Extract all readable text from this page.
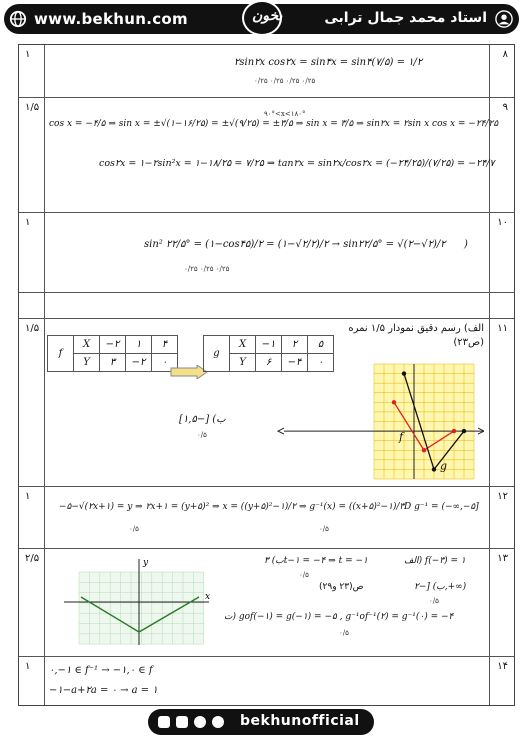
www.bekhun.com	استاد محمد جمال ترابی
بخون
۸
۱
۲sin۲x cos۲x = sin۴x = sin۴(۷/۵) = ۱/۲
۰/۲۵ ۰/۲۵ ۰/۲۵ ۰/۲۵
۹
۱/۵
۹۰°<x<۱۸۰°
cos x = −۴/۵ ⇒ sin x = ±√(۱−۱۶/۲۵) = ±√(۹/۲۵) = ±۳/۵ ⇒ sin x = ۳/۵ ⇒ sin۲x = ۲sin x cos x = −۲۴/۲۵
cos۲x = ۱−۲sin²x = ۱−۱۸/۲۵ = ۷/۲۵ ⇒ tan۲x = sin۲x/cos۲x = (−۲۴/۲۵)/(۷/۲۵) = −۲۴/۷
۱۰
۱
)
sin² ۲۲/۵° = (۱−cos۴۵)/۲ = (۱−√۲/۲)/۲ → sin۲۲/۵° = √(۲−√۲)/۲
۰/۲۵ ۰/۲۵ ۰/۲۵
۱۱
۱/۵	الف) رسم دقیق نمودار ۱/۵ نمره
(ص۲۳)
f	X	−۲	۱	۴
	Y	۳	−۲	۰
g	X	−۱	۲	۵
	Y	۶	−۴	۰
ب) [−۱,۵]
۰/۵	f
g
۱۲
۱
−۵−√(۲x+۱) = y ⇒ ۲x+۱ = (y+۵)² ⇒ x = ((y+۵)²−۱)/۲ ⇒ g⁻¹(x) = ((x+۵)²−۱)/۳ D g⁻¹ = (−∞,−۵]
۰/۵	۰/۵
۱۳
۲/۵	y
x
الف) f(−۳) = ۱
ب) ۳t−۱ = −۴ ⇒ t = −۱
۰/۵
ب) [−۲,+∞)
ص(۲۳ و۲۹)
۰/۵
ت) gof(−۱) = g(−۱) = −۵ , g⁻¹of⁻¹(۲) = g⁻¹(۰) = −۴
۰/۵
۱۴
۱ ۰,−۱ ∈ f⁻¹ → −۱,۰ ∈ f
−۱−a+۲a = ۰ → a = ۱
bekhunofficial
